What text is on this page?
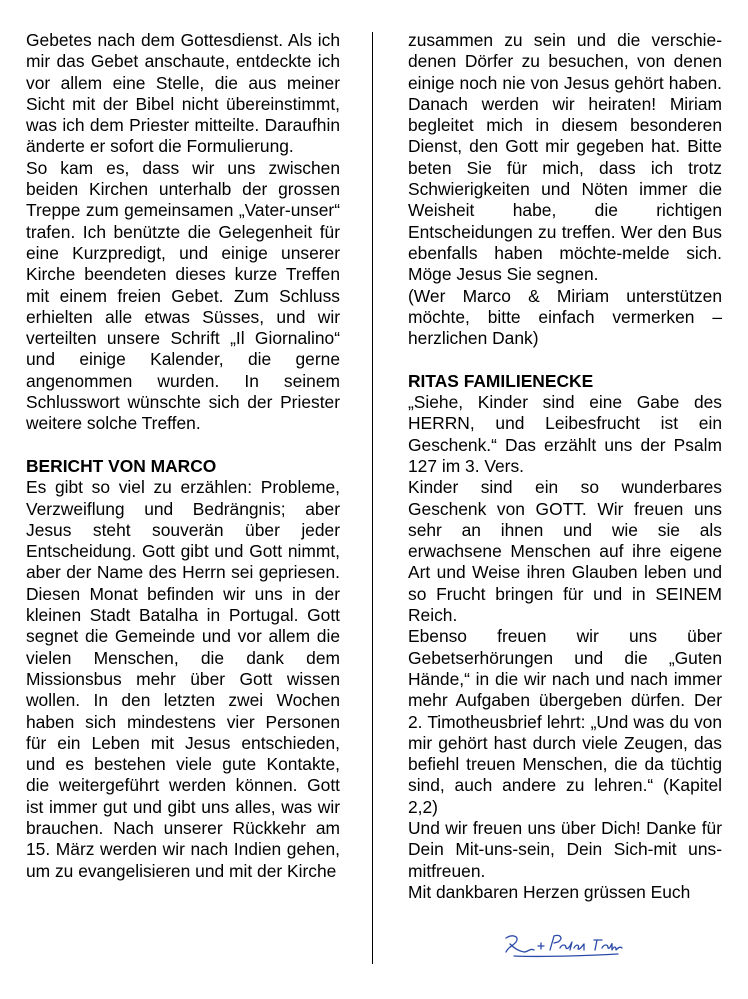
Gebetes nach dem Gottesdienst. Als ich mir das Gebet anschaute, entdeckte ich vor allem eine Stelle, die aus meiner Sicht mit der Bibel nicht übereinstimmt, was ich dem Priester mitteilte. Daraufhin änderte er sofort die Formulierung.

So kam es, dass wir uns zwischen beiden Kirchen unterhalb der grossen Treppe zum gemeinsamen „Vater-unser“ trafen. Ich benützte die Gelegenheit für eine Kurzpredigt, und einige unserer Kirche beendeten dieses kurze Treffen mit einem freien Gebet. Zum Schluss erhielten alle etwas Süsses, und wir verteilten unsere Schrift „Il Giornalino“ und einige Kalender, die gerne angenommen wurden. In seinem Schlusswort wünschte sich der Priester weitere solche Treffen.

BERICHT VON MARCO

Es gibt so viel zu erzählen: Probleme, Verzweiflung und Bedrängnis; aber Jesus steht souverän über jeder Entscheidung. Gott gibt und Gott nimmt, aber der Name des Herrn sei gepriesen. Diesen Monat befinden wir uns in der kleinen Stadt Batalha in Portugal. Gott segnet die Gemeinde und vor allem die vielen Menschen, die dank dem Missionsbus mehr über Gott wissen wollen. In den letzten zwei Wochen haben sich mindestens vier Personen für ein Leben mit Jesus entschieden, und es bestehen viele gute Kontakte, die weitergeführt werden können. Gott ist immer gut und gibt uns alles, was wir brauchen. Nach unserer Rückkehr am 15. März werden wir nach Indien gehen, um zu evangelisieren und mit der Kirche

zusammen zu sein und die verschie-denen Dörfer zu besuchen, von denen einige noch nie von Jesus gehört haben. Danach werden wir heiraten! Miriam begleitet mich in diesem besonderen Dienst, den Gott mir gegeben hat. Bitte beten Sie für mich, dass ich trotz Schwierigkeiten und Nöten immer die Weisheit habe, die richtigen Entscheidungen zu treffen. Wer den Bus ebenfalls haben möchte-melde sich. Möge Jesus Sie segnen.

(Wer Marco & Miriam unterstützen möchte, bitte einfach vermerken – herzlichen Dank)

RITAS FAMILIENECKE

„Siehe, Kinder sind eine Gabe des HERRN, und Leibesfrucht ist ein Geschenk.“ Das erzählt uns der Psalm 127 im 3. Vers.

Kinder sind ein so wunderbares Geschenk von GOTT. Wir freuen uns sehr an ihnen und wie sie als erwachsene Menschen auf ihre eigene Art und Weise ihren Glauben leben und so Frucht bringen für und in SEINEM Reich.

Ebenso freuen wir uns über Gebetserhörungen und die „Guten Hände,“ in die wir nach und nach immer mehr Aufgaben übergeben dürfen. Der 2. Timotheusbrief lehrt: „Und was du von mir gehört hast durch viele Zeugen, das befiehl treuen Menschen, die da tüchtig sind, auch andere zu lehren.“ (Kapitel 2,2)

Und wir freuen uns über Dich! Danke für Dein Mit-uns-sein, Dein Sich-mit uns-mitfreuen.

Mit dankbaren Herzen grüssen Euch
